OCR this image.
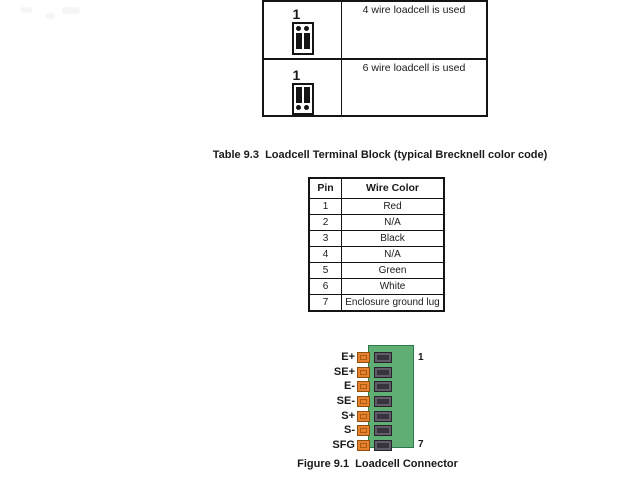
1	4 wire loadcell is used
1	6 wire loadcell is used
Table 9.3  Loadcell Terminal Block (typical Brecknell color code)
Pin	Wire Color
1	Red
2	N/A
3	Black
4	N/A
5	Green
6	White
7	Enclosure ground lug
E+
SE+
E-
SE-
S+
S-
SFG
1
7
Figure 9.1  Loadcell Connector
